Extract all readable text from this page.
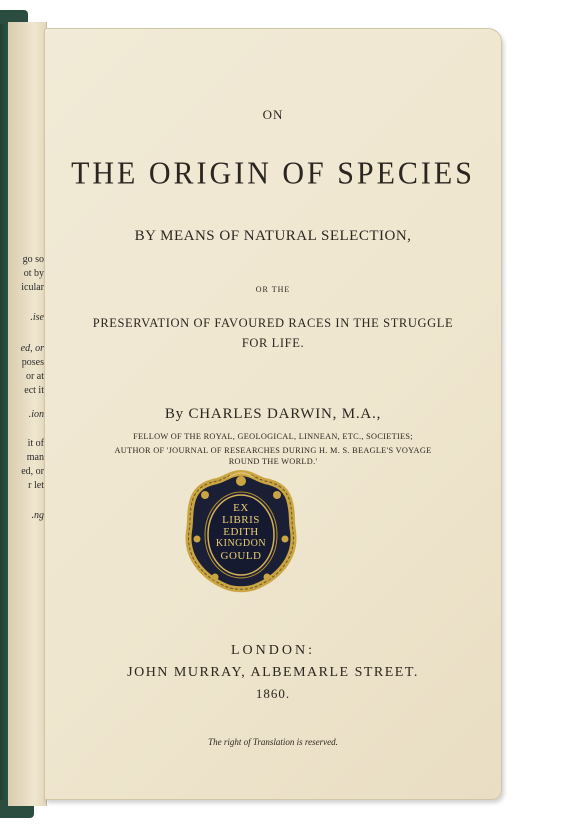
go so
ot by
icular
ise.
ed, or
poses
or at
ect it
ion.
it of
man
ed, or
r let
ng.
ON
THE ORIGIN OF SPECIES
BY MEANS OF NATURAL SELECTION,
OR THE
PRESERVATION OF FAVOURED RACES IN THE STRUGGLE
FOR LIFE.
By CHARLES DARWIN, M.A.,
FELLOW OF THE ROYAL, GEOLOGICAL, LINNEAN, ETC., SOCIETIES;
AUTHOR OF 'JOURNAL OF RESEARCHES DURING H. M. S. BEAGLE'S VOYAGE
ROUND THE WORLD.'
EX
LIBRIS
EDITH
KINGDON
GOULD
LONDON:
JOHN MURRAY, ALBEMARLE STREET.
1860.
The right of Translation is reserved.
